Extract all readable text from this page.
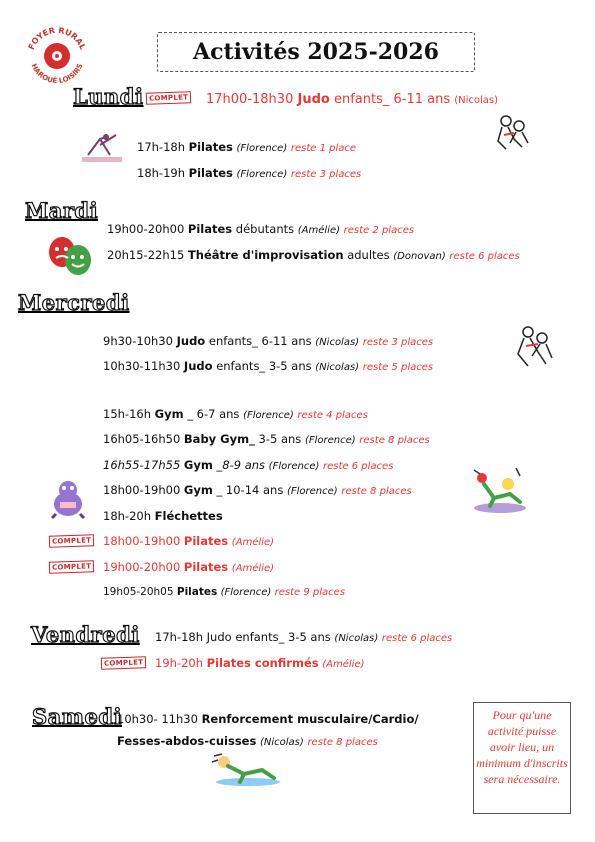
FOYER RURAL
HAROUÉ LOISIRS
Activités 2025-2026
Lundi COMPLET 17h00-18h30 Judo enfants_ 6-11 ans (Nicolas)
17h-18h Pilates (Florence) reste 1 place
18h-19h Pilates (Florence) reste 3 places
Mardi
19h00-20h00 Pilates débutants (Amélie) reste 2 places
20h15-22h15 Théâtre d'improvisation adultes (Donovan) reste 6 places
Mercredi
9h30-10h30 Judo enfants_ 6-11 ans (Nicolas) reste 3 places
10h30-11h30 Judo enfants_ 3-5 ans (Nicolas) reste 5 places
15h-16h Gym _ 6-7 ans (Florence) reste 4 places
16h05-16h50 Baby Gym_ 3-5 ans (Florence) reste 8 places
16h55-17h55 Gym _8-9 ans (Florence) reste 6 places
18h00-19h00 Gym _ 10-14 ans (Florence) reste 8 places
18h-20h Fléchettes
COMPLET 18h00-19h00 Pilates (Amélie)
COMPLET 19h00-20h00 Pilates (Amélie)
19h05-20h05 Pilates (Florence) reste 9 places
Vendredi 17h-18h Judo enfants_ 3-5 ans (Nicolas) reste 6 places
COMPLET 19h-20h Pilates confirmés (Amélie)
Samedi
10h30- 11h30 Renforcement musculaire/Cardio/
Fesses-abdos-cuisses (Nicolas) reste 8 places
Pour qu'une activité puisse avoir lieu, un minimum d'inscrits sera nécessaire.
